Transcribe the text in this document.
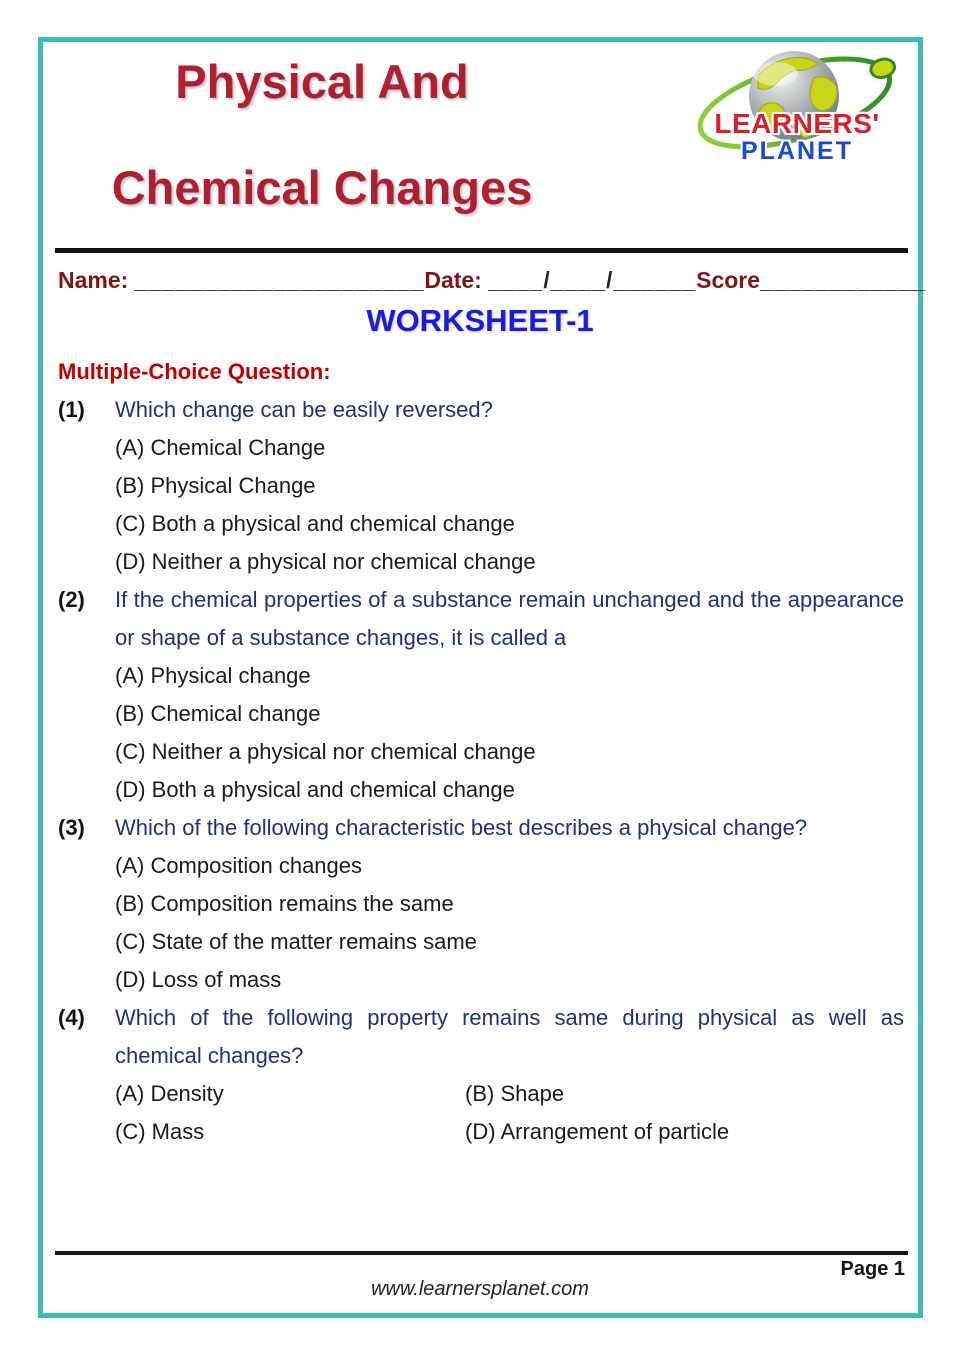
Physical And
Chemical Changes
LEARNERS'
PLANET
Name: _____________________ Date: ____/____/______ Score____________
WORKSHEET-1
Multiple-Choice Question:
(1)	Which change can be easily reversed?
(A) Chemical Change
(B) Physical Change
(C) Both a physical and chemical change
(D) Neither a physical nor chemical change
(2)	If the chemical properties of a substance remain unchanged and the appearance or shape of a substance changes, it is called a
(A) Physical change
(B) Chemical change
(C) Neither a physical nor chemical change
(D) Both a physical and chemical change
(3)	Which of the following characteristic best describes a physical change?
(A) Composition changes
(B) Composition remains the same
(C) State of the matter remains same
(D) Loss of mass
(4)	Which of the following property remains same during physical as well as chemical changes?
(A) Density	(B) Shape
(C) Mass	(D) Arrangement of particle
Page 1
www.learnersplanet.com
